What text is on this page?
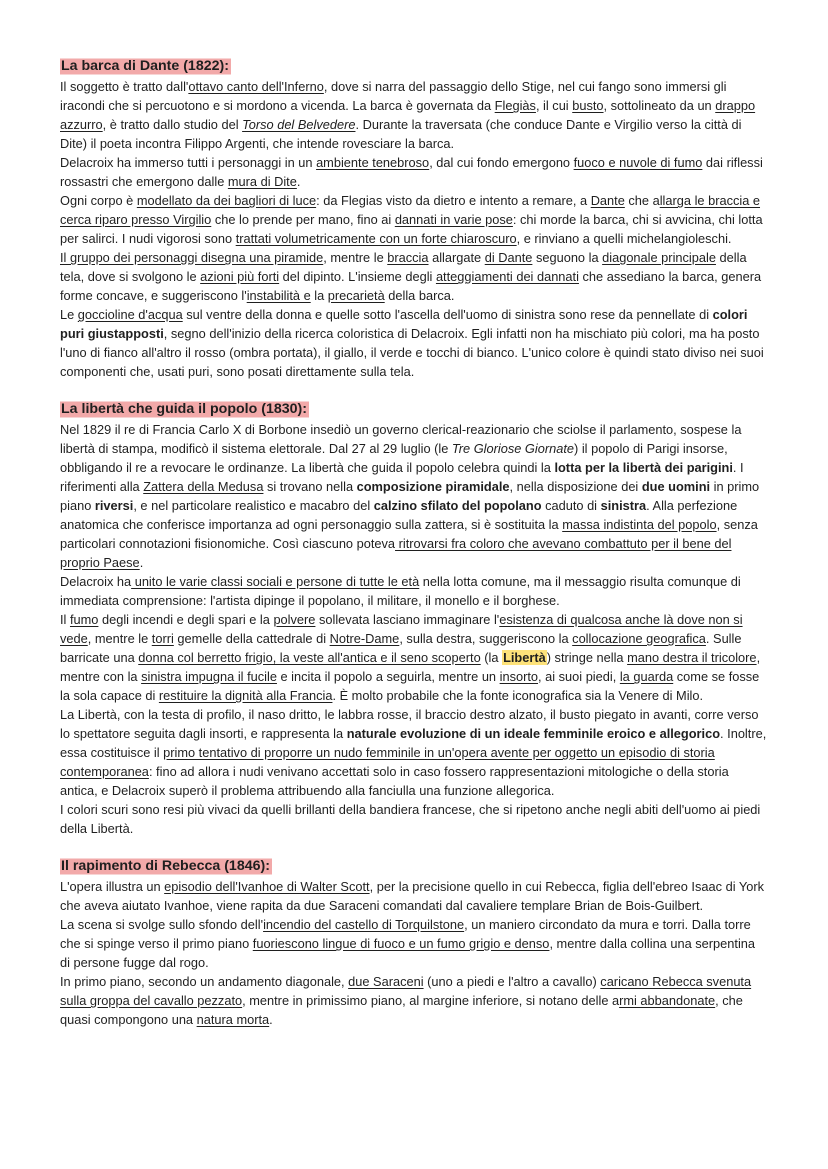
La barca di Dante (1822):

Il soggetto è tratto dall'ottavo canto dell'Inferno, dove si narra del passaggio dello Stige, nel cui fango sono immersi gli iracondi che si percuotono e si mordono a vicenda. La barca è governata da Flegiàs, il cui busto, sottolineato da un drappo azzurro, è tratto dallo studio del Torso del Belvedere. Durante la traversata (che conduce Dante e Virgilio verso la città di Dite) il poeta incontra Filippo Argenti, che intende rovesciare la barca.

Delacroix ha immerso tutti i personaggi in un ambiente tenebroso, dal cui fondo emergono fuoco e nuvole di fumo dai riflessi rossastri che emergono dalle mura di Dite.

Ogni corpo è modellato da dei bagliori di luce: da Flegias visto da dietro e intento a remare, a Dante che allarga le braccia e cerca riparo presso Virgilio che lo prende per mano, fino ai dannati in varie pose: chi morde la barca, chi si avvicina, chi lotta per salirci. I nudi vigorosi sono trattati volumetricamente con un forte chiaroscuro, e rinviano a quelli michelangioleschi.

Il gruppo dei personaggi disegna una piramide, mentre le braccia allargate di Dante seguono la diagonale principale della tela, dove si svolgono le azioni più forti del dipinto. L'insieme degli atteggiamenti dei dannati che assediano la barca, genera forme concave, e suggeriscono l'instabilità e la precarietà della barca.

Le goccioline d'acqua sul ventre della donna e quelle sotto l'ascella dell'uomo di sinistra sono rese da pennellate di colori puri giustapposti, segno dell'inizio della ricerca coloristica di Delacroix. Egli infatti non ha mischiato più colori, ma ha posto l'uno di fianco all'altro il rosso (ombra portata), il giallo, il verde e tocchi di bianco. L'unico colore è quindi stato diviso nei suoi componenti che, usati puri, sono posati direttamente sulla tela.

La libertà che guida il popolo (1830):

Nel 1829 il re di Francia Carlo X di Borbone insediò un governo clerical-reazionario che sciolse il parlamento, sospese la libertà di stampa, modificò il sistema elettorale. Dal 27 al 29 luglio (le Tre Gloriose Giornate) il popolo di Parigi insorse, obbligando il re a revocare le ordinanze. La libertà che guida il popolo celebra quindi la lotta per la libertà dei parigini. I riferimenti alla Zattera della Medusa si trovano nella composizione piramidale, nella disposizione dei due uomini in primo piano riversi, e nel particolare realistico e macabro del calzino sfilato del popolano caduto di sinistra. Alla perfezione anatomica che conferisce importanza ad ogni personaggio sulla zattera, si è sostituita la massa indistinta del popolo, senza particolari connotazioni fisionomiche. Così ciascuno poteva ritrovarsi fra coloro che avevano combattuto per il bene del proprio Paese.

Delacroix ha unito le varie classi sociali e persone di tutte le età nella lotta comune, ma il messaggio risulta comunque di immediata comprensione: l'artista dipinge il popolano, il militare, il monello e il borghese.

Il fumo degli incendi e degli spari e la polvere sollevata lasciano immaginare l'esistenza di qualcosa anche là dove non si vede, mentre le torri gemelle della cattedrale di Notre-Dame, sulla destra, suggeriscono la collocazione geografica. Sulle barricate una donna col berretto frigio, la veste all'antica e il seno scoperto (la Libertà) stringe nella mano destra il tricolore, mentre con la sinistra impugna il fucile e incita il popolo a seguirla, mentre un insorto, ai suoi piedi, la guarda come se fosse la sola capace di restituire la dignità alla Francia. È molto probabile che la fonte iconografica sia la Venere di Milo.

La Libertà, con la testa di profilo, il naso dritto, le labbra rosse, il braccio destro alzato, il busto piegato in avanti, corre verso lo spettatore seguita dagli insorti, e rappresenta la naturale evoluzione di un ideale femminile eroico e allegorico. Inoltre, essa costituisce il primo tentativo di proporre un nudo femminile in un'opera avente per oggetto un episodio di storia contemporanea: fino ad allora i nudi venivano accettati solo in caso fossero rappresentazioni mitologiche o della storia antica, e Delacroix superò il problema attribuendo alla fanciulla una funzione allegorica.

I colori scuri sono resi più vivaci da quelli brillanti della bandiera francese, che si ripetono anche negli abiti dell'uomo ai piedi della Libertà.

Il rapimento di Rebecca (1846):

L'opera illustra un episodio dell'Ivanhoe di Walter Scott, per la precisione quello in cui Rebecca, figlia dell'ebreo Isaac di York che aveva aiutato Ivanhoe, viene rapita da due Saraceni comandati dal cavaliere templare Brian de Bois-Guilbert.

La scena si svolge sullo sfondo dell'incendio del castello di Torquilstone, un maniero circondato da mura e torri. Dalla torre che si spinge verso il primo piano fuoriescono lingue di fuoco e un fumo grigio e denso, mentre dalla collina una serpentina di persone fugge dal rogo.

In primo piano, secondo un andamento diagonale, due Saraceni (uno a piedi e l'altro a cavallo) caricano Rebecca svenuta sulla groppa del cavallo pezzato, mentre in primissimo piano, al margine inferiore, si notano delle armi abbandonate, che quasi compongono una natura morta.
